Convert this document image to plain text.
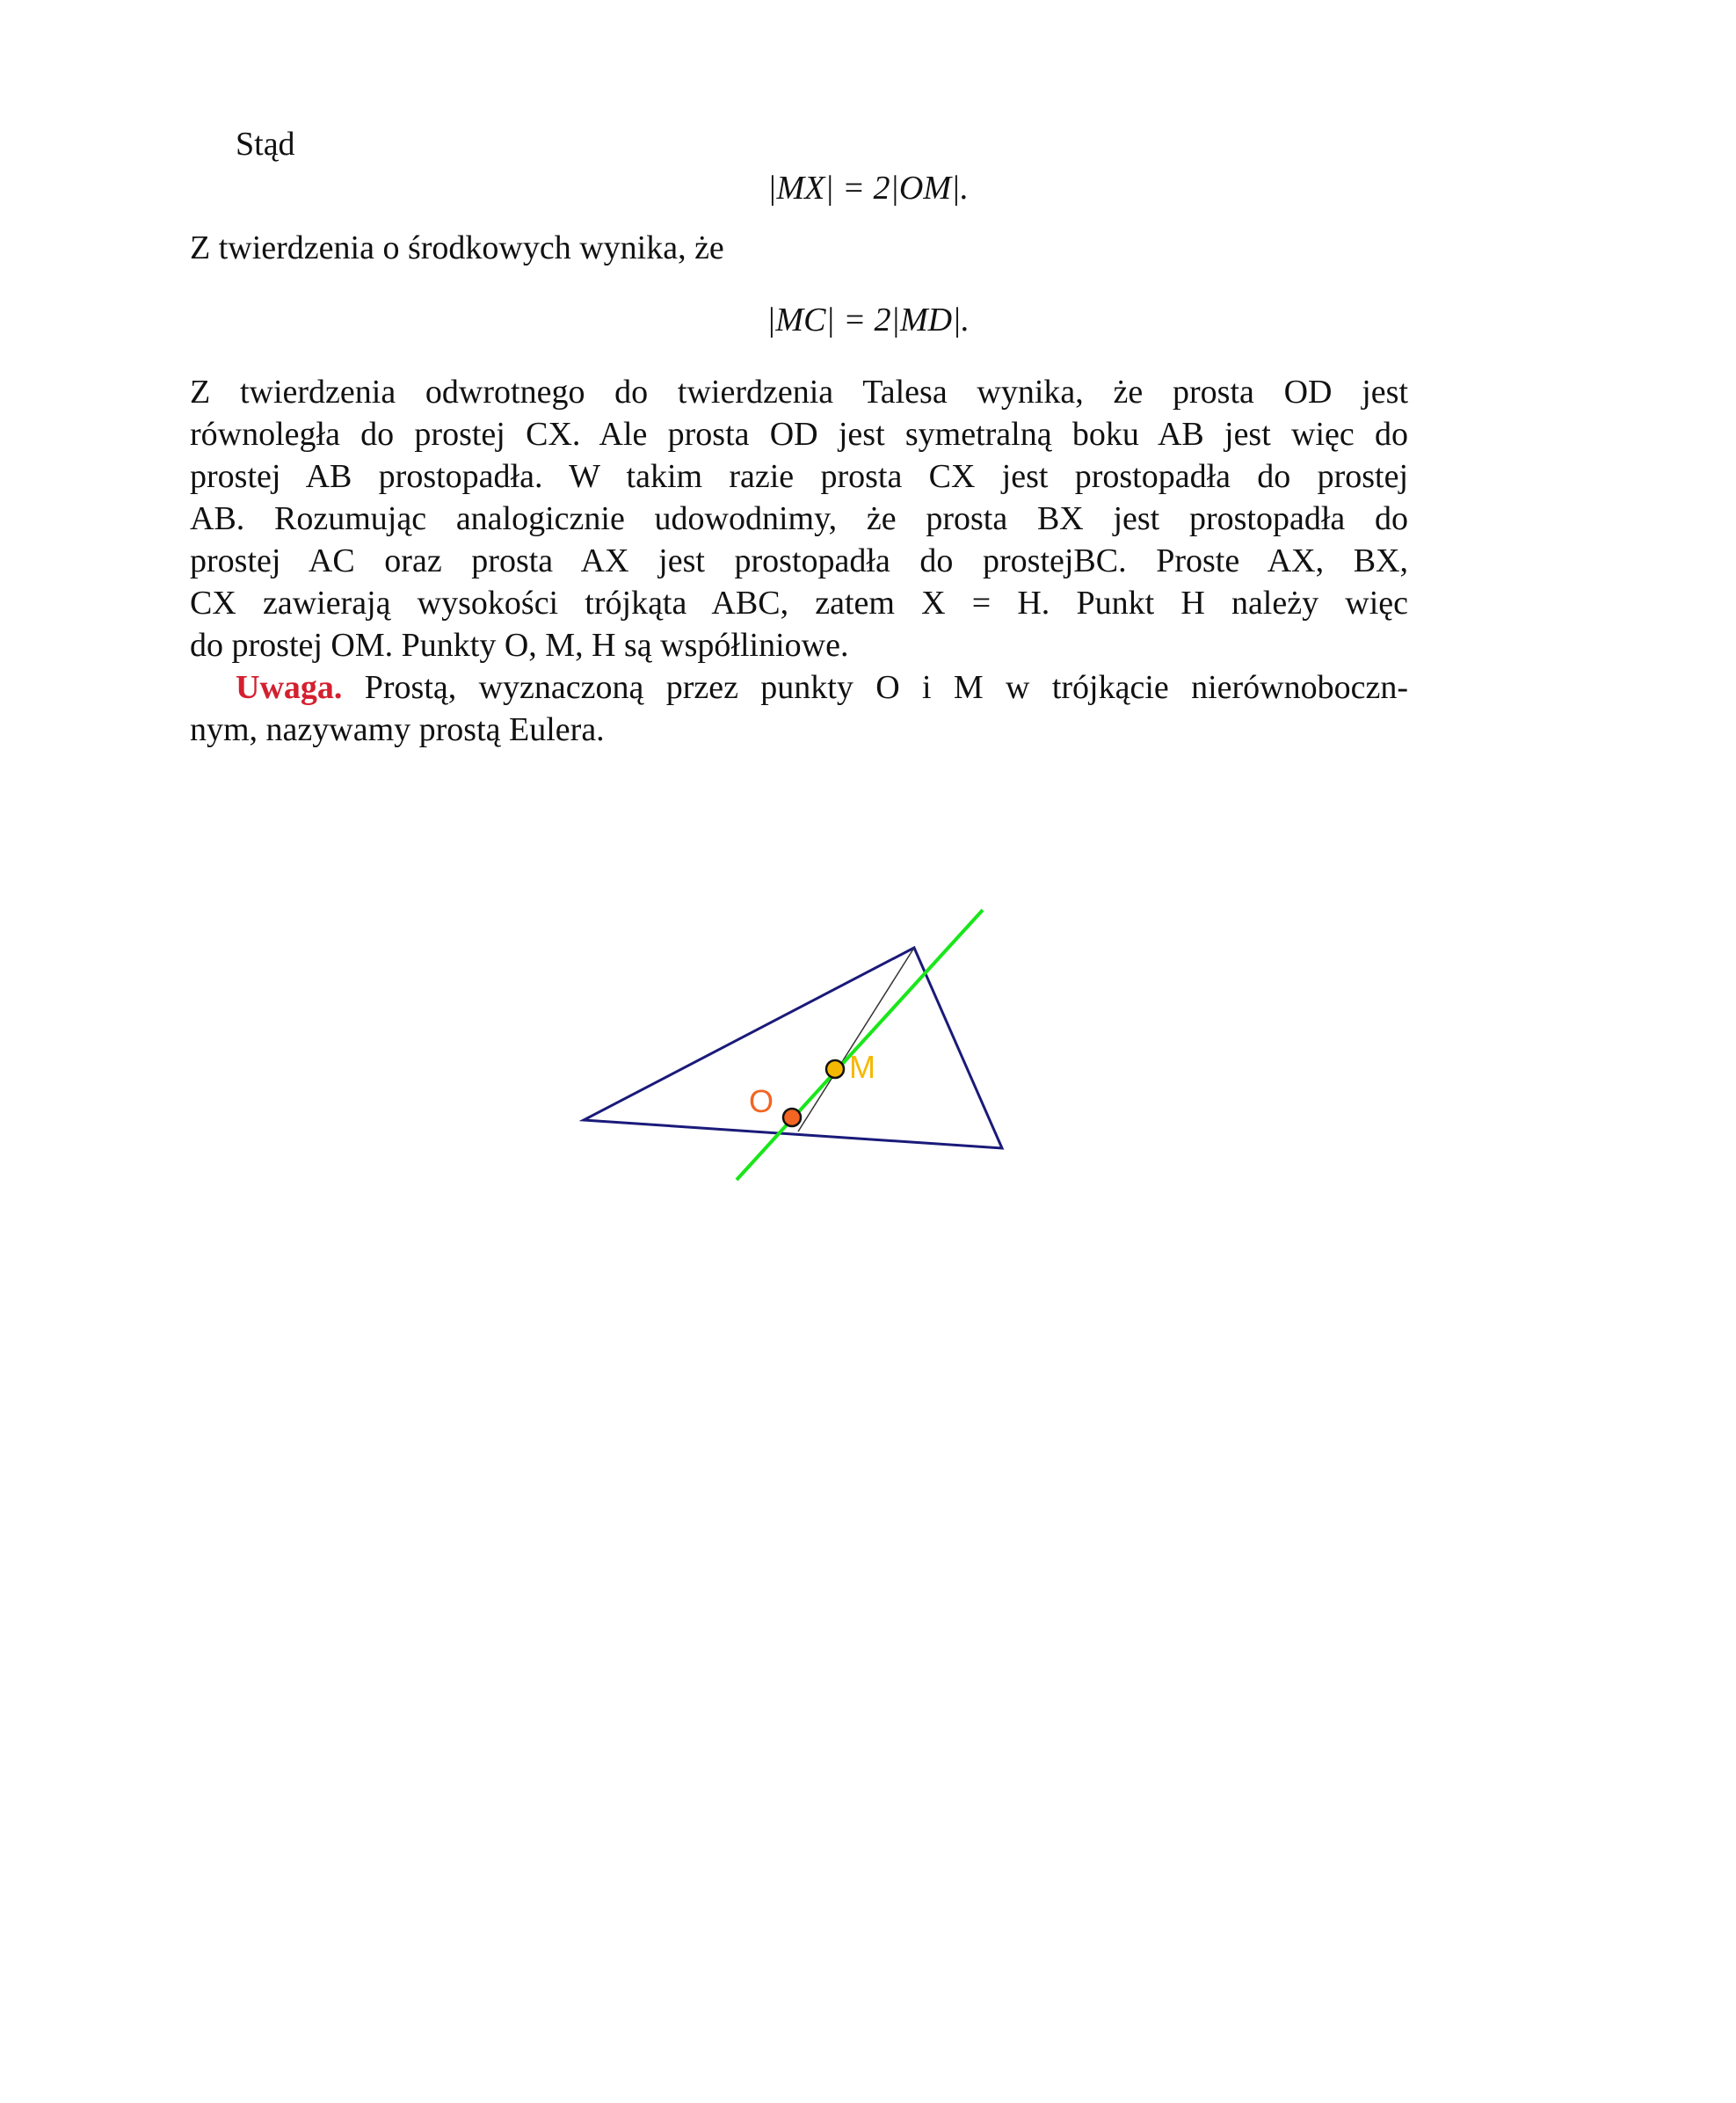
Stąd
|MX| = 2|OM|.
Z twierdzenia o środkowych wynika, że
|MC| = 2|MD|.
Z twierdzenia odwrotnego do twierdzenia Talesa wynika, że prosta OD jest
równoległa do prostej CX. Ale prosta OD jest symetralną boku AB jest więc do
prostej AB prostopadła. W takim razie prosta CX jest prostopadła do prostej
AB. Rozumując analogicznie udowodnimy, że prosta BX jest prostopadła do
prostej AC oraz prosta AX jest prostopadła do prostejBC. Proste AX, BX,
CX zawierają wysokości trójkąta ABC, zatem X = H. Punkt H należy więc
do prostej OM. Punkty O, M, H są współliniowe.
Uwaga. Prostą, wyznaczoną przez punkty O i M w trójkącie nierównoboczn-
nym, nazywamy prostą Eulera.
O
M
